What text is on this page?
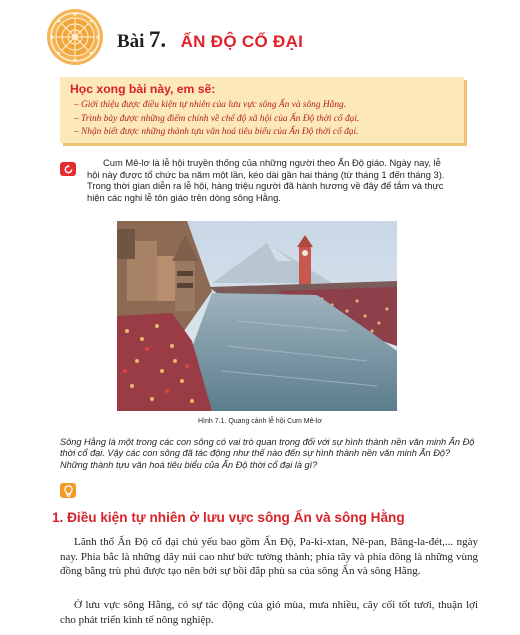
Bài 7. ẤN ĐỘ CỔ ĐẠI
Học xong bài này, em sẽ:
– Giới thiệu được điều kiện tự nhiên của lưu vực sông Ấn và sông Hằng.
– Trình bày được những điểm chính về chế độ xã hội của Ấn Độ thời cổ đại.
– Nhận biết được những thành tựu văn hoá tiêu biểu của Ấn Độ thời cổ đại.

Cum Mê-lơ là lễ hội truyền thống của những người theo Ấn Độ giáo. Ngày nay, lễ hội này được tổ chức ba năm một lần, kéo dài gần hai tháng (từ tháng 1 đến tháng 3). Trong thời gian diễn ra lễ hội, hàng triệu người đã hành hương về đây để tắm và thực hiện các nghi lễ tôn giáo trên dòng sông Hằng.

Hình 7.1. Quang cảnh lễ hội Cum Mê-lơ

Sông Hằng là một trong các con sông có vai trò quan trọng đối với sự hình thành nền văn minh Ấn Độ thời cổ đại. Vậy các con sông đã tác động như thế nào đến sự hình thành nền văn minh Ấn Độ? Những thành tựu văn hoá tiêu biểu của Ấn Độ thời cổ đại là gì?

1. Điều kiện tự nhiên ở lưu vực sông Ấn và sông Hằng

Lãnh thổ Ấn Độ cổ đại chủ yếu bao gồm Ấn Độ, Pa-ki-xtan, Nê-pan, Băng-la-đét,... ngày nay. Phía bắc là những dãy núi cao như bức tường thành; phía tây và phía đông là những vùng đồng bằng trù phú được tạo nên bởi sự bồi đắp phù sa của sông Ấn và sông Hằng.

Ở lưu vực sông Hằng, có sự tác động của gió mùa, mưa nhiều, cây cối tốt tươi, thuận lợi cho phát triển kinh tế nông nghiệp.
